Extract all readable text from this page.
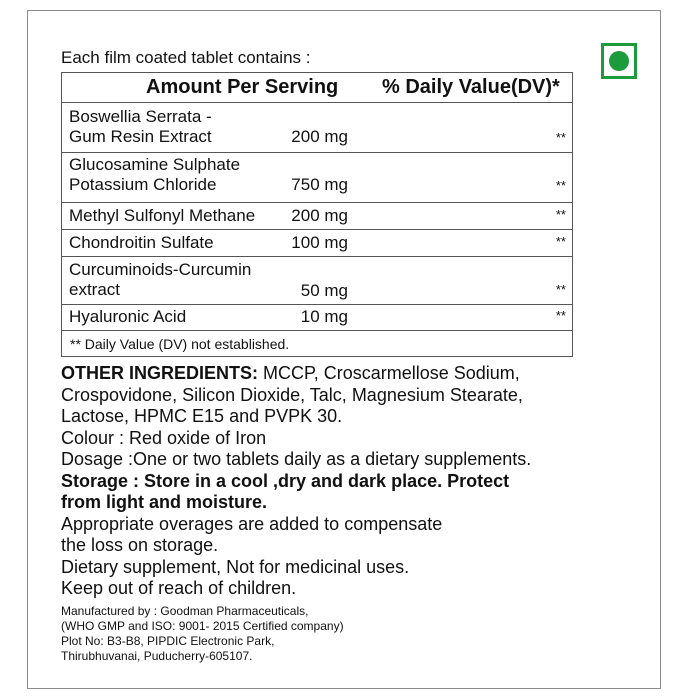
Each film coated tablet contains :
Amount Per Serving % Daily Value(DV)*
Boswellia Serrata -
Gum Resin Extract	200 mg	**
Glucosamine Sulphate
Potassium Chloride	750 mg	**
Methyl Sulfonyl Methane	200 mg	**
Chondroitin Sulfate	100 mg	**
Curcuminoids-Curcumin
extract	50 mg	**
Hyaluronic Acid	10 mg	**
** Daily Value (DV) not established.
OTHER INGREDIENTS: MCCP, Croscarmellose Sodium,
Crospovidone, Silicon Dioxide, Talc, Magnesium Stearate,
Lactose, HPMC E15 and PVPK 30.
Colour : Red oxide of Iron
Dosage :One or two tablets daily as a dietary supplements.
Storage : Store in a cool ,dry and dark place. Protect
from light and moisture.
Appropriate overages are added to compensate
the loss on storage.
Dietary supplement, Not for medicinal uses.
Keep out of reach of children.
Manufactured by : Goodman Pharmaceuticals,
(WHO GMP and ISO: 9001- 2015 Certified company)
Plot No: B3-B8, PIPDIC Electronic Park,
Thirubhuvanai, Puducherry-605107.
